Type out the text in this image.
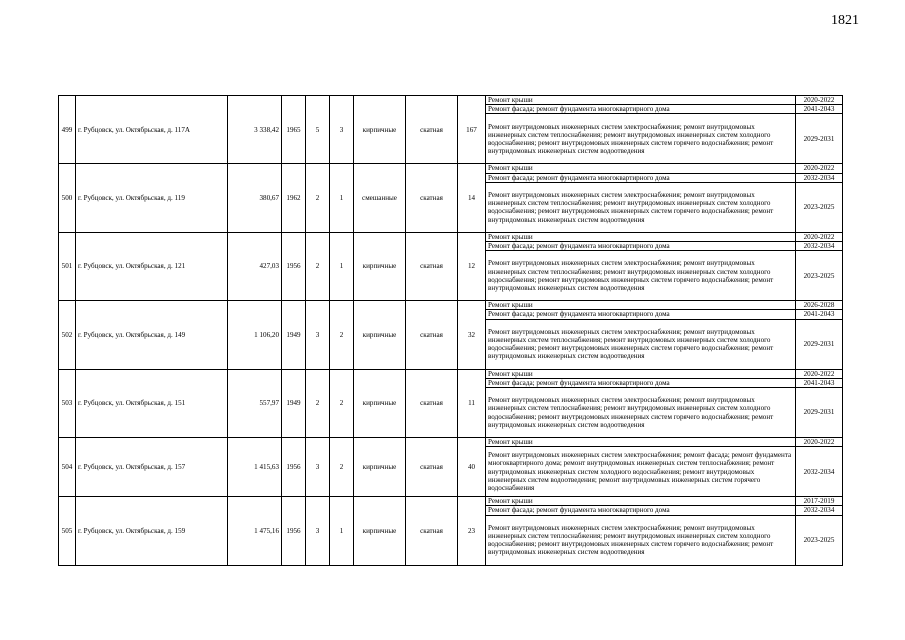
1821
499	г. Рубцовск, ул. Октябрьская, д. 117А	3 338,42	1965	5	3	кирпичные	скатная	167	Ремонт крыши	2020-2022
									Ремонт фасада; ремонт фундамента многоквартирного дома	2041-2043
									Ремонт внутридомовых инженерных систем электроснабжения; ремонт внутридомовых инженерных систем теплоснабжения; ремонт внутридомовых инженерных систем холодного водоснабжения; ремонт внутридомовых инженерных систем горячего водоснабжения; ремонт внутридомовых инженерных систем водоотведения	2029-2031
500	г. Рубцовск, ул. Октябрьская, д. 119	380,67	1962	2	1	смешанные	скатная	14	Ремонт крыши	2020-2022
									Ремонт фасада; ремонт фундамента многоквартирного дома	2032-2034
									Ремонт внутридомовых инженерных систем электроснабжения; ремонт внутридомовых инженерных систем теплоснабжения; ремонт внутридомовых инженерных систем холодного водоснабжения; ремонт внутридомовых инженерных систем горячего водоснабжения; ремонт внутридомовых инженерных систем водоотведения	2023-2025
501	г. Рубцовск, ул. Октябрьская, д. 121	427,03	1956	2	1	кирпичные	скатная	12	Ремонт крыши	2020-2022
									Ремонт фасада; ремонт фундамента многоквартирного дома	2032-2034
									Ремонт внутридомовых инженерных систем электроснабжения; ремонт внутридомовых инженерных систем теплоснабжения; ремонт внутридомовых инженерных систем холодного водоснабжения; ремонт внутридомовых инженерных систем горячего водоснабжения; ремонт внутридомовых инженерных систем водоотведения	2023-2025
502	г. Рубцовск, ул. Октябрьская, д. 149	1 106,20	1949	3	2	кирпичные	скатная	32	Ремонт крыши	2026-2028
									Ремонт фасада; ремонт фундамента многоквартирного дома	2041-2043
									Ремонт внутридомовых инженерных систем электроснабжения; ремонт внутридомовых инженерных систем теплоснабжения; ремонт внутридомовых инженерных систем холодного водоснабжения; ремонт внутридомовых инженерных систем горячего водоснабжения; ремонт внутридомовых инженерных систем водоотведения	2029-2031
503	г. Рубцовск, ул. Октябрьская, д. 151	557,97	1949	2	2	кирпичные	скатная	11	Ремонт крыши	2020-2022
									Ремонт фасада; ремонт фундамента многоквартирного дома	2041-2043
									Ремонт внутридомовых инженерных систем электроснабжения; ремонт внутридомовых инженерных систем теплоснабжения; ремонт внутридомовых инженерных систем холодного водоснабжения; ремонт внутридомовых инженерных систем горячего водоснабжения; ремонт внутридомовых инженерных систем водоотведения	2029-2031
504	г. Рубцовск, ул. Октябрьская, д. 157	1 415,63	1956	3	2	кирпичные	скатная	40	Ремонт крыши	2020-2022
									Ремонт внутридомовых инженерных систем электроснабжения; ремонт фасада; ремонт фундамента многоквартирного дома; ремонт внутридомовых инженерных систем теплоснабжения; ремонт внутридомовых инженерных систем холодного водоснабжения; ремонт внутридомовых инженерных систем водоотведения; ремонт внутридомовых инженерных систем горячего водоснабжения	2032-2034
505	г. Рубцовск, ул. Октябрьская, д. 159	1 475,16	1956	3	1	кирпичные	скатная	23	Ремонт крыши	2017-2019
									Ремонт фасада; ремонт фундамента многоквартирного дома	2032-2034
									Ремонт внутридомовых инженерных систем электроснабжения; ремонт внутридомовых инженерных систем теплоснабжения; ремонт внутридомовых инженерных систем холодного водоснабжения; ремонт внутридомовых инженерных систем горячего водоснабжения; ремонт внутридомовых инженерных систем водоотведения	2023-2025
